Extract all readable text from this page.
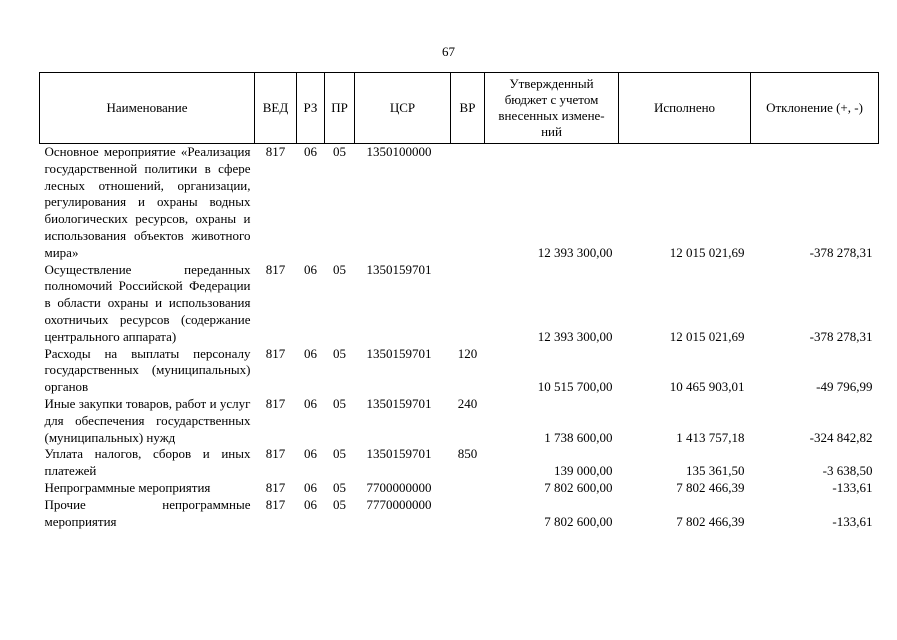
67
Наименование	ВЕД	РЗ	ПР	ЦСР	ВР	Утвержденный бюджет с учетом внесенных измене-ний	Исполнено	Отклонение (+, -)
Основное мероприятие «Реализация государственной политики в сфере лесных отношений, организации, регулирования и охраны водных биологических ресурсов, охраны и использования объектов животного мира»	817	06	05	1350100000		12 393 300,00	12 015 021,69	-378 278,31
Осуществление переданных полномочий Российской Федерации в области охраны и использования охотничьих ресурсов (содержание центрального аппарата)	817	06	05	1350159701		12 393 300,00	12 015 021,69	-378 278,31
Расходы на выплаты персоналу государственных (муниципальных) органов	817	06	05	1350159701	120	10 515 700,00	10 465 903,01	-49 796,99
Иные закупки товаров, работ и услуг для обеспечения государственных (муниципальных) нужд	817	06	05	1350159701	240	1 738 600,00	1 413 757,18	-324 842,82
Уплата налогов, сборов и иных платежей	817	06	05	1350159701	850	139 000,00	135 361,50	-3 638,50
Непрограммные мероприятия	817	06	05	7700000000		7 802 600,00	7 802 466,39	-133,61
Прочие непрограммные мероприятия	817	06	05	7770000000		7 802 600,00	7 802 466,39	-133,61
